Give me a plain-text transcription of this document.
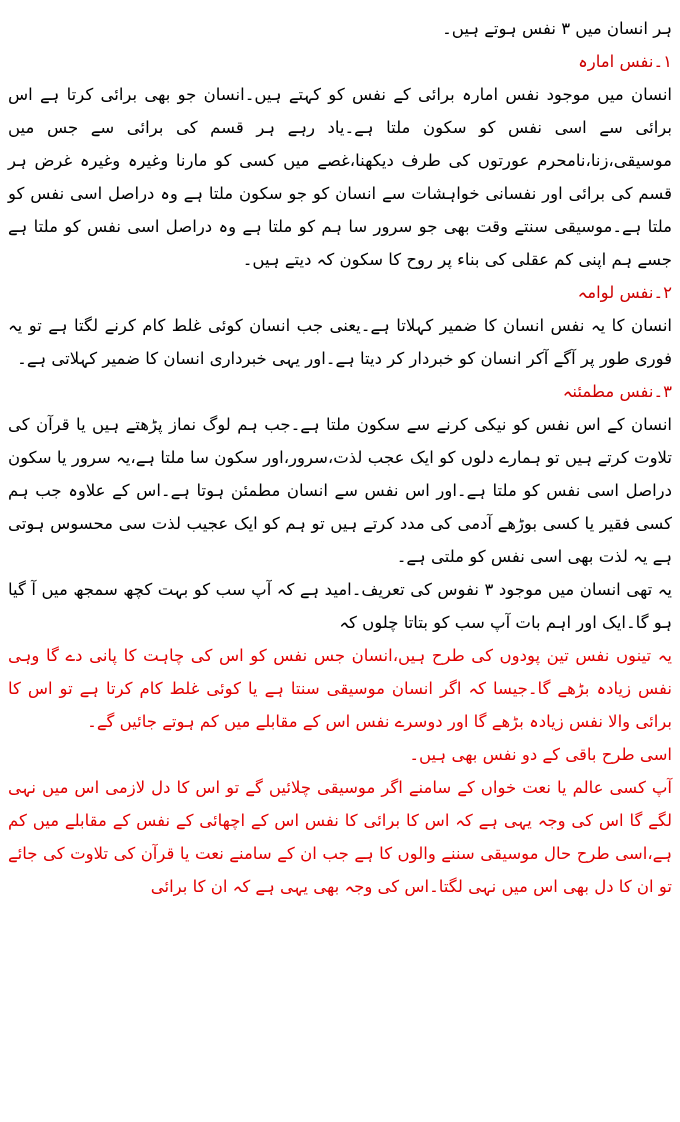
ہر انسان میں ۳ نفس ہوتے ہیں۔

۱۔نفس امارہ

انسان میں موجود نفس امارہ برائی کے نفس کو کہتے ہیں۔انسان جو بھی برائی کرتا ہے اس برائی سے اسی نفس کو سکون ملتا ہے۔یاد رہے ہر قسم کی برائی سے جس میں موسیقی،زنا،نامحرم عورتوں کی طرف دیکھنا،غصے میں کسی کو مارنا وغیرہ وغیرہ غرض ہر قسم کی برائی اور نفسانی خواہشات سے انسان کو جو سکون ملتا ہے وہ دراصل اسی نفس کو ملتا ہے۔موسیقی سنتے وقت بھی جو سرور سا ہم کو ملتا ہے وہ دراصل اسی نفس کو ملتا ہے جسے ہم اپنی کم عقلی کی بناء پر روح کا سکون کہ دیتے ہیں۔

۲۔نفس لوامہ

انسان کا یہ نفس انسان کا ضمیر کہلاتا ہے۔یعنی جب انسان کوئی غلط کام کرنے لگتا ہے تو یہ فوری طور پر آگے آکر انسان کو خبردار کر دیتا ہے۔اور یہی خبرداری انسان کا ضمیر کہلاتی ہے۔

۳۔نفس مطمئنہ

انسان کے اس نفس کو نیکی کرنے سے سکون ملتا ہے۔جب ہم لوگ نماز پڑھتے ہیں یا قرآن کی تلاوت کرتے ہیں تو ہمارے دلوں کو ایک عجب لذت،سرور،اور سکون سا ملتا ہے،یہ سرور یا سکون دراصل اسی نفس کو ملتا ہے۔اور اس نفس سے انسان مطمئن ہوتا ہے۔اس کے علاوہ جب ہم کسی فقیر یا کسی بوڑھے آدمی کی مدد کرتے ہیں تو ہم کو ایک عجیب لذت سی محسوس ہوتی ہے یہ لذت بھی اسی نفس کو ملتی ہے۔

یہ تھی انسان میں موجود ۳ نفوس کی تعریف۔امید ہے کہ آپ سب کو بہت کچھ سمجھ میں آ گیا ہو گا۔ایک اور اہم بات آپ سب کو بتاتا چلوں کہ

یہ تینوں نفس تین پودوں کی طرح ہیں،انسان جس نفس کو اس کی چاہت کا پانی دے گا وہی نفس زیادہ بڑھے گا۔جیسا کہ اگر انسان موسیقی سنتا ہے یا کوئی غلط کام کرتا ہے تو اس کا برائی والا نفس زیادہ بڑھے گا اور دوسرے نفس اس کے مقابلے میں کم ہوتے جائیں گے۔

اسی طرح باقی کے دو نفس بھی ہیں۔

آپ کسی عالم یا نعت خواں کے سامنے اگر موسیقی چلائیں گے تو اس کا دل لازمی اس میں نہی لگے گا اس کی وجہ یہی ہے کہ اس کا برائی کا نفس اس کے اچھائی کے نفس کے مقابلے میں کم ہے،اسی طرح حال موسیقی سننے والوں کا ہے جب ان کے سامنے نعت یا قرآن کی تلاوت کی جائے تو ان کا دل بھی اس میں نہی لگتا۔اس کی وجہ بھی یہی ہے کہ ان کا برائی
